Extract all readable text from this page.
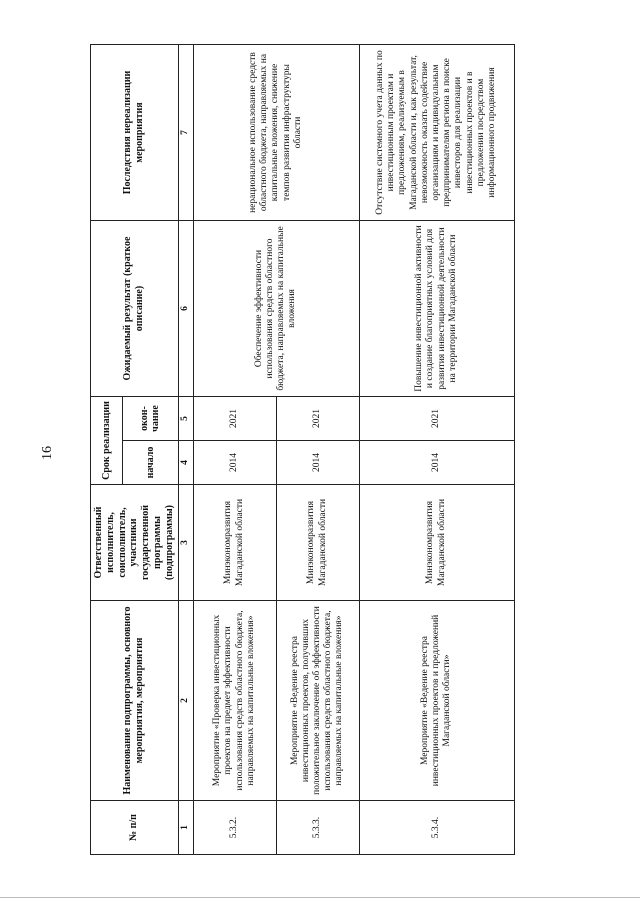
16
№ п/п	Наименование подпрограммы, основного мероприятия, мероприятия	Ответственный исполнитель, соисполнитель, участники государственной программы (подпрограммы)	Срок реализации		Ожидаемый результат (краткое описание)	Последствия нереализации мероприятия
			начало	окон-чание		
1	2	3	4	5	6	7
5.3.2.	Мероприятие «Проверка инвестиционных проектов на предмет эффективности использования средств областного бюджета, направляемых на капитальные вложения»	Минэкономразвития Магаданской области	2014	2021	Обеспечение эффективности использования средств областного бюджета, направляемых на капитальные вложения	нерациональное использование средств областного бюджета, направляемых на капитальные вложения, снижение темпов развития инфраструктуры области
5.3.3.	Мероприятие «Ведение реестра инвестиционных проектов, получивших положительное заключение об эффективности использования средств областного бюджета, направляемых на капитальные вложения»	Минэкономразвития Магаданской области	2014	2021		
5.3.4.	Мероприятие «Ведение реестра инвестиционных проектов и предложений Магаданской области»	Минэкономразвития Магаданской области	2014	2021	Повышение инвестиционной активности и создание благоприятных условий для развития инвестиционной деятельности на территории Магаданской области	Отсутствие системного учета данных по инвестиционным проектам и предложениям, реализуемым в Магаданской области и, как результат, невозможность оказать содействие организациям и индивидуальным предпринимателям региона в поиске инвесторов для реализации инвестиционных проектов и в предложении посредством информационного продвижения
